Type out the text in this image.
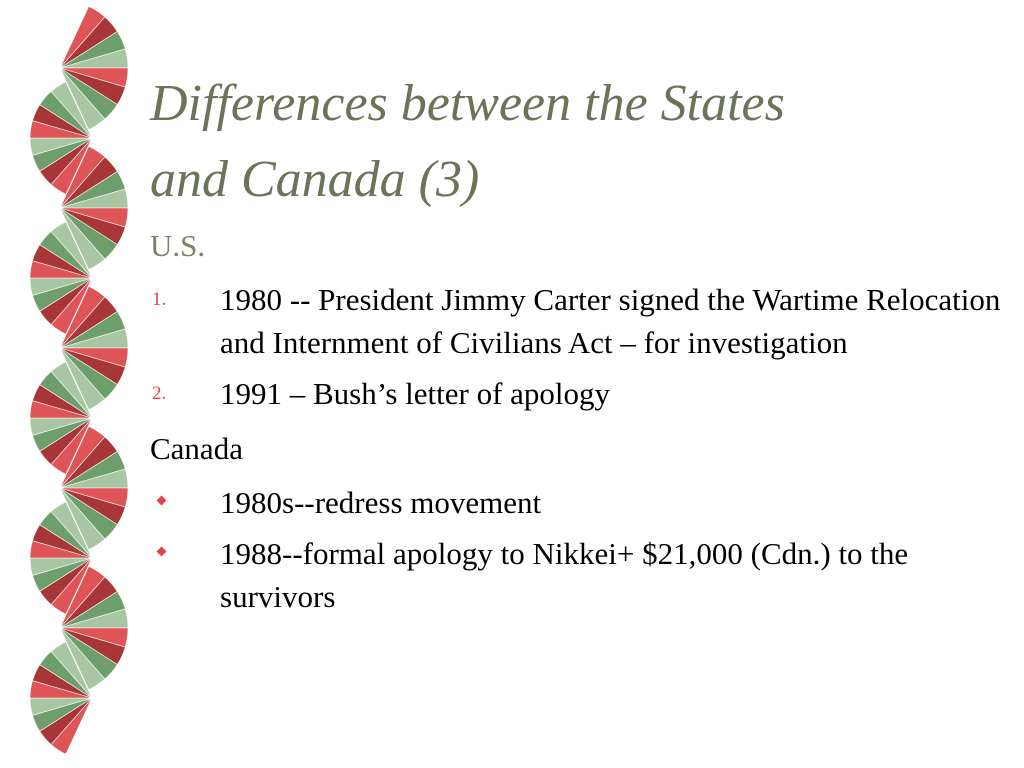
Differences between the States
and Canada (3)
U.S.
1.	1980 -- President Jimmy Carter signed the Wartime Relocation and Internment of Civilians Act – for investigation
2.	1991 – Bush’s letter of apology
Canada
1980s--redress movement
1988--formal apology to Nikkei+ $21,000 (Cdn.) to the survivors
